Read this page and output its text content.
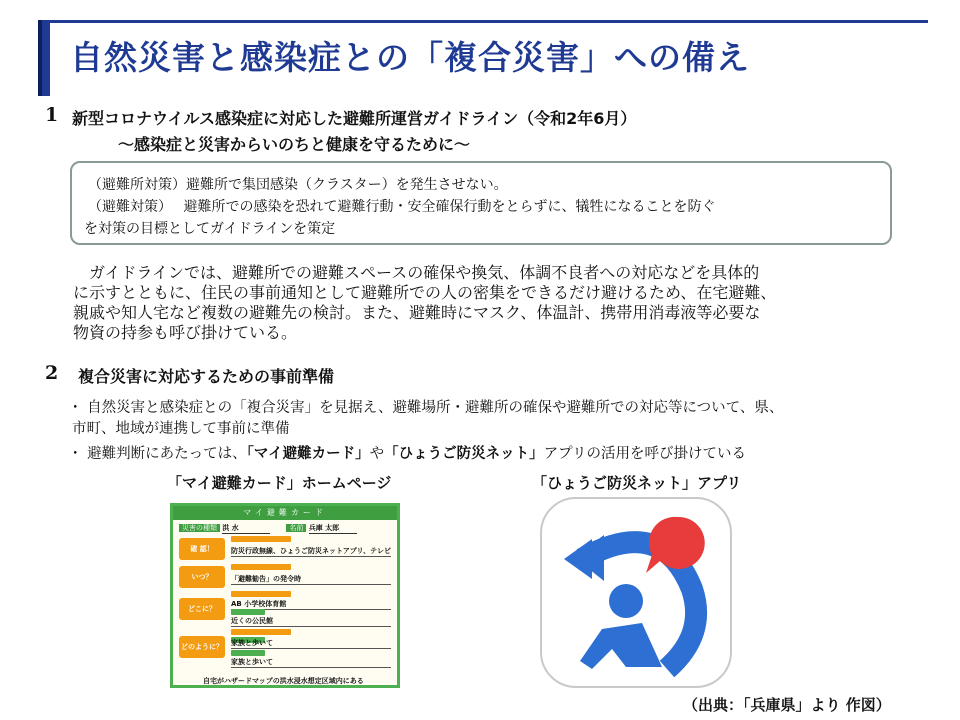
自然災害と感染症との「複合災害」への備え
1 新型コロナウイルス感染症に対応した避難所運営ガイドライン（令和2年6月）
～感染症と災害からいのちと健康を守るために～
（避難所対策）避難所で集団感染（クラスター）を発生させない。
（避難対策）　 避難所での感染を恐れて避難行動・安全確保行動をとらずに、犠牲になることを防ぐ
を対策の目標としてガイドラインを策定
　ガイドラインでは、避難所での避難スペースの確保や換気、体調不良者への対応などを具体的
に示すとともに、住民の事前通知として避難所での人の密集をできるだけ避けるため、在宅避難、
親戚や知人宅など複数の避難先の検討。また、避難時にマスク、体温計、携帯用消毒液等必要な
物資の持参も呼び掛けている。
2 複合災害に対応するための事前準備
・ 自然災害と感染症との「複合災害」を見据え、避難場所・避難所の確保や避難所での対応等について、県、
市町、地域が連携して事前に準備
・ 避難判断にあたっては、「マイ避難カード」や「ひょうご防災ネット」アプリの活用を呼び掛けている
「マイ避難カード」ホームページ	「ひょうご防災ネット」アプリ
マイ避難カード
災害の種類 洪 水	名前 兵庫 太郎
確 認！	防災行政無線、ひょうご防災ネットアプリ、テレビ
いつ？	「避難勧告」の発令時
どこに？
AB 小学校体育館
近くの公民館
どのように？ 家族と歩いて
家族と歩いて
自宅がハザードマップの洪水浸水想定区域内にある
（出典：「兵庫県」より 作図）
